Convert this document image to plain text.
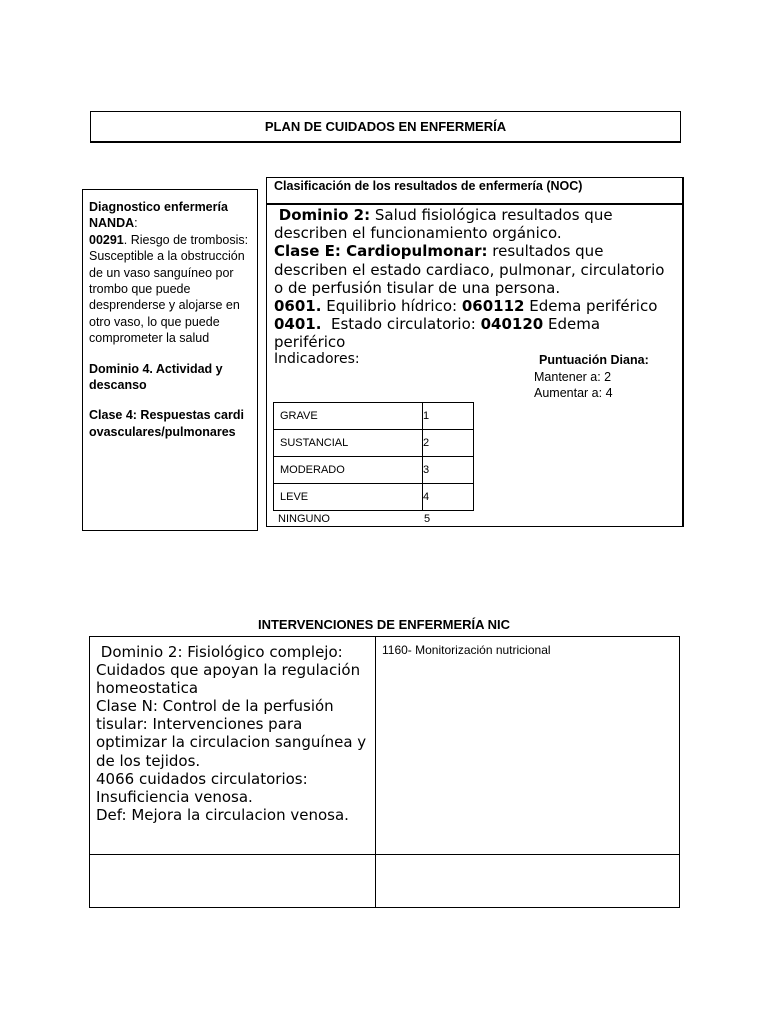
PLAN DE CUIDADOS EN ENFERMERÍA

Diagnostico enfermería NANDA:
00291. Riesgo de trombosis: Susceptible a la obstrucción de un vaso sanguíneo por trombo que puede desprenderse y alojarse en otro vaso, lo que puede comprometer la salud

Dominio 4. Actividad y descanso

Clase 4: Respuestas cardiovasculares/pulmonares

Clasificación de los resultados de enfermería (NOC)

Dominio 2: Salud fisiológica resultados que describen el funcionamiento orgánico.

Clase E: Cardiopulmonar: resultados que describen el estado cardiaco, pulmonar, circulatorio o de perfusión tisular de una persona.

0601. Equilibrio hídrico: 060112 Edema periférico

0401. Estado circulatorio: 040120 Edema periférico

Indicadores:	Puntuación Diana:
Mantener a: 2
Aumentar a: 4
GRAVE	1
SUSTANCIAL	2
MODERADO	3
LEVE	4
NINGUNO	5
INTERVENCIONES DE ENFERMERÍA NIC
Dominio 2: Fisiológico complejo:
Cuidados que apoyan la regulación homeostatica
Clase N: Control de la perfusión tisular: Intervenciones para optimizar la circulacion sanguínea y de los tejidos.
4066 cuidados circulatorios: Insuficiencia venosa.
Def: Mejora la circulacion venosa.	1160- Monitorización nutricional
